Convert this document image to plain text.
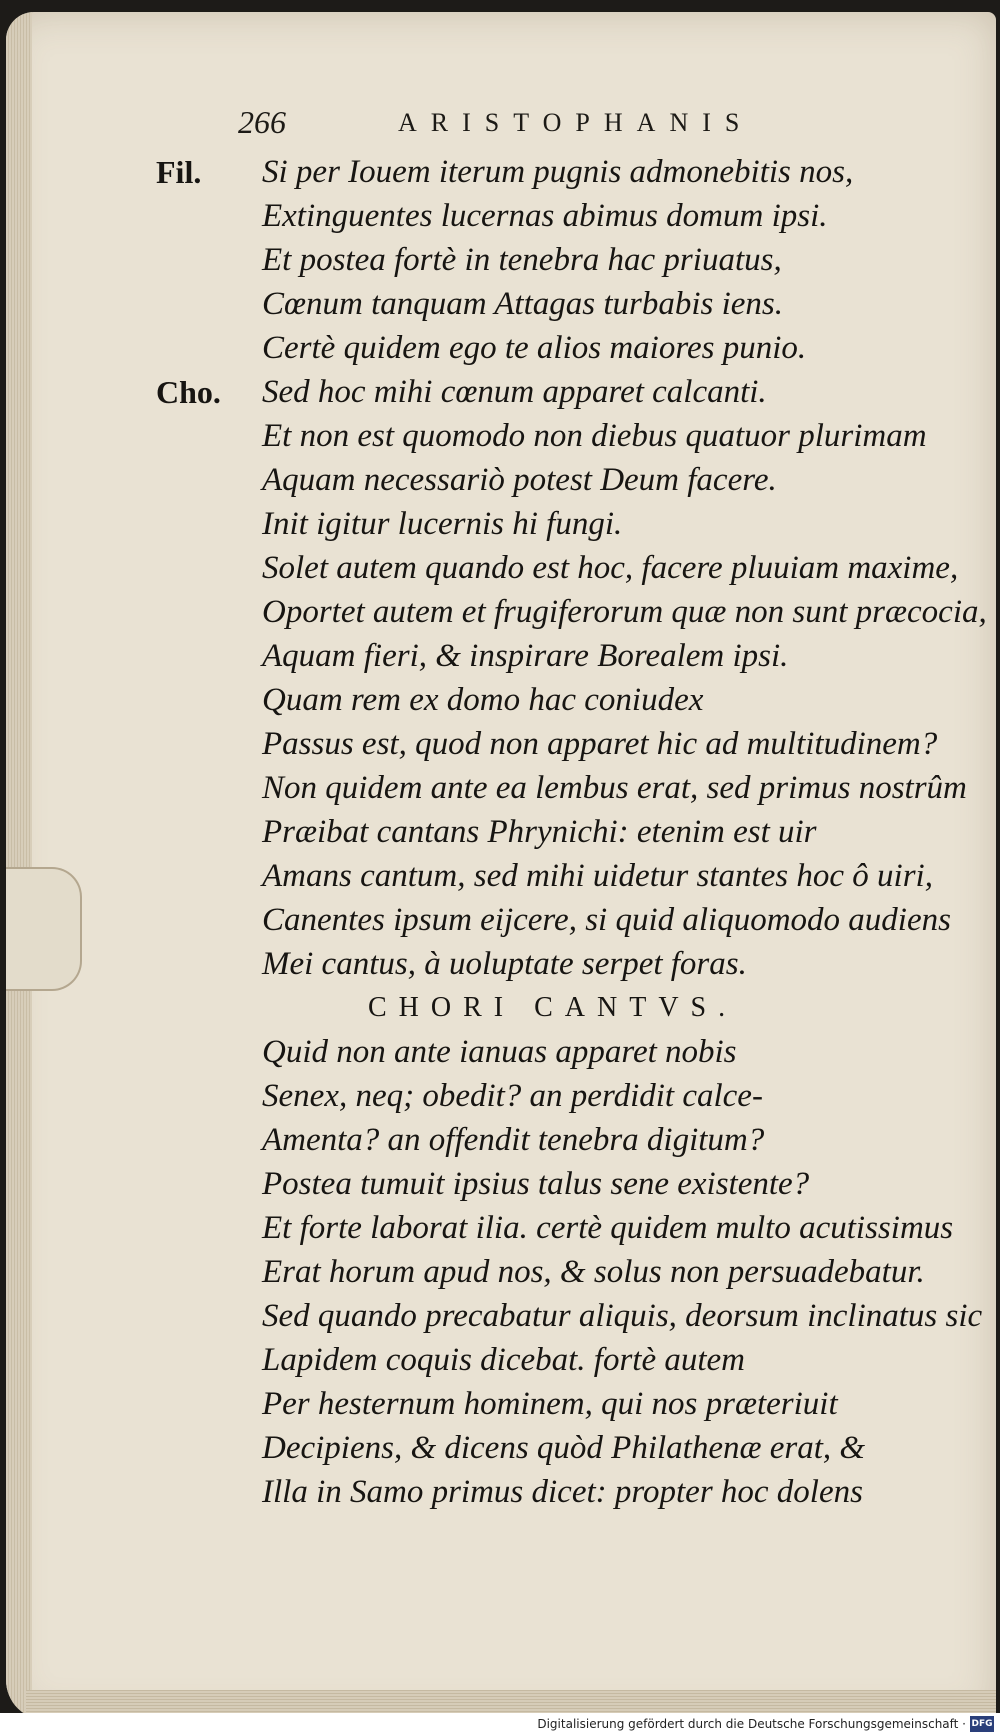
266	ARISTOPHANIS
Fil. Si per Iouem iterum pugnis admonebitis nos,
Extinguentes lucernas abimus domum ipsi.
Et postea fortè in tenebra hac priuatus,
Cœnum tanquam Attagas turbabis iens.
Certè quidem ego te alios maiores punio.
Cho. Sed hoc mihi cœnum apparet calcanti.
Et non est quomodo non diebus quatuor plurimam
Aquam necessariò potest Deum facere.
Init igitur lucernis hi fungi.
Solet autem quando est hoc, facere pluuiam maxime,
Oportet autem et frugiferorum quæ non sunt præcocia,
Aquam fieri, & inspirare Borealem ipsi.
Quam rem ex domo hac coniudex
Passus est, quod non apparet hic ad multitudinem?
Non quidem ante ea lembus erat, sed primus nostrûm
Præibat cantans Phrynichi: etenim est uir
Amans cantum, sed mihi uidetur stantes hoc ô uiri,
Canentes ipsum eijcere, si quid aliquomodo audiens
Mei cantus, à uoluptate serpet foras.
CHORI CANTVS.
Quid non ante ianuas apparet nobis
Senex, neq; obedit? an perdidit calce-
Amenta? an offendit tenebra digitum?
Postea tumuit ipsius talus sene existente?
Et forte laborat ilia. certè quidem multo acutissimus
Erat horum apud nos, & solus non persuadebatur.
Sed quando precabatur aliquis, deorsum inclinatus sic
Lapidem coquis dicebat. fortè autem
Per hesternum hominem, qui nos præteriuit
Decipiens, & dicens quòd Philathenæ erat, &
Illa in Samo primus dicet: propter hoc dolens
Digitalisierung gefördert durch die Deutsche Forschungsgemeinschaft · DFG
